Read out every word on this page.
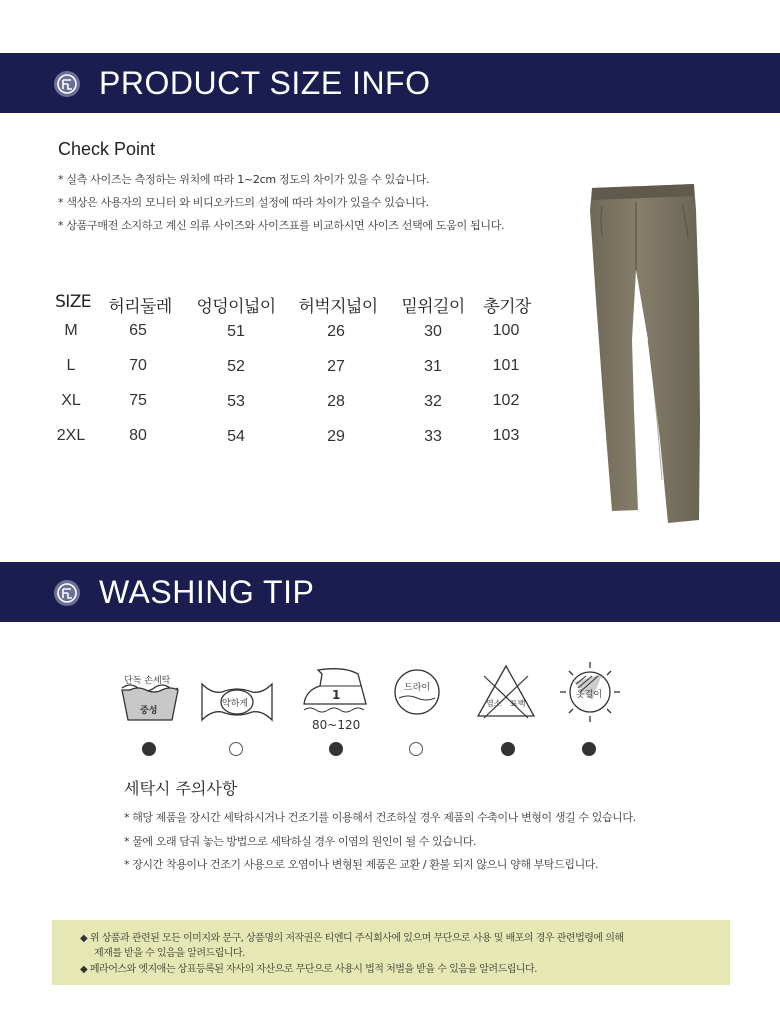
PRODUCT SIZE INFO
Check Point
* 실측 사이즈는 측정하는 위치에 따라 1~2cm 정도의 차이가 있을 수 있습니다.
* 색상은 사용자의 모니터 와 비디오카드의 설정에 따라 차이가 있을수 있습니다.
* 상품구매전 소지하고 계신 의류 사이즈와 사이즈표를 비교하시면 사이즈 선택에 도움이 됩니다.
SIZE 허리둘레 엉덩이넓이 허벅지넓이 밑위길이 총기장
M	65	51	26	30	100
L	70	52	27	31	101
XL	75	53	28	32	102
2XL	80	54	29	33	103
WASHING TIP
단독 손세탁
중성
약하게
1
80~120
드라이
염소 표백
옷걸이
세탁시 주의사항
* 해당 제품을 장시간 세탁하시거나 건조기를 이용해서 건조하실 경우 제품의 수축이나 변형이 생길 수 있습니다.
* 물에 오래 담궈 놓는 방법으로 세탁하실 경우 이염의 원인이 될 수 있습니다.
* 장시간 착용이나 건조기 사용으로 오염이나 변형된 제품은 교환 / 환불 되지 않으니 양해 부탁드립니다.
◆ 위 상품과 관련된 모든 이미지와 문구, 상품명의 저작권은 티엔디 주식회사에 있으며 무단으로 사용 및 배포의 경우 관련법령에 의해
제재를 받을 수 있음을 알려드립니다.
◆ 페라어스와 엣지애는 상표등록된 자사의 자산으로 무단으로 사용시 법적 처벌을 받을 수 있음을 알려드립니다.
